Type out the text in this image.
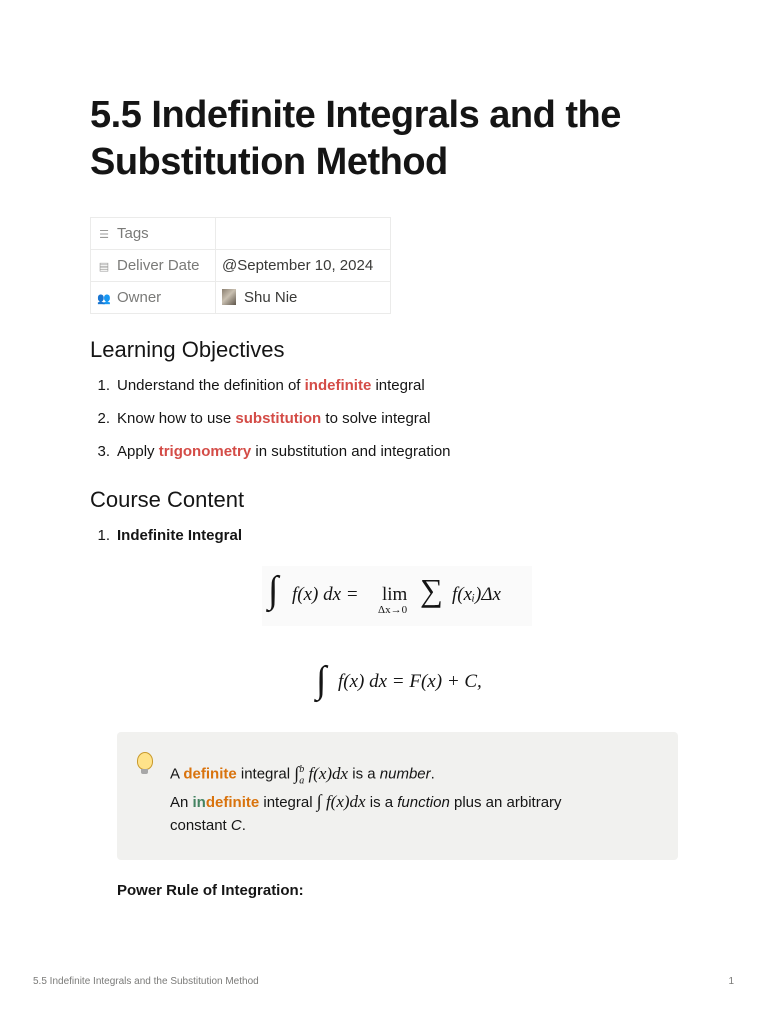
5.5 Indefinite Integrals and the Substitution Method
☰ Tags	
▤ Deliver Date	@September 10, 2024
👥 Owner	Shu Nie
Learning Objectives
1. Understand the definition of indefinite integral
2. Know how to use substitution to solve integral
3. Apply trigonometry in substitution and integration
Course Content
1. Indefinite Integral
∫ f(x) dx = lim
Δx→0
∑ f(xᵢ)Δx
∫ f(x) dx = F(x) + C,
A definite integral $\int_a^b$ f(x)dx is a number.
An indefinite integral ∫ f(x)dx is a function plus an arbitrary
constant C.

Power Rule of Integration:

5.5 Indefinite Integrals and the Substitution Method	1
